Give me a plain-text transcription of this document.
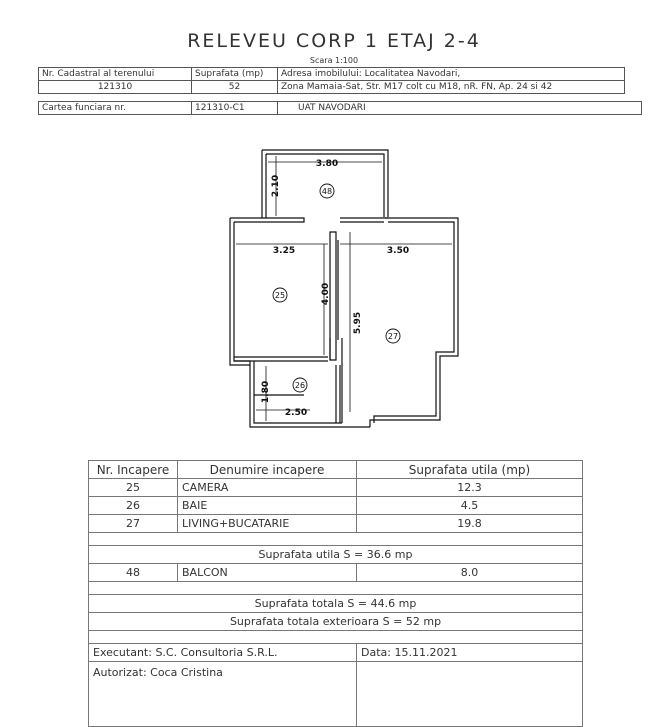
RELEVEU CORP 1 ETAJ 2-4
Scara 1:100
Nr. Cadastral al terenului	Suprafata (mp)	Adresa imobilului: Localitatea Navodari,
121310	52	Zona Mamaia-Sat, Str. M17 colt cu M18, nR. FN, Ap. 24 si 42
Cartea funciara nr.	121310-C1	UAT NAVODARI
3.80
2.10
3.25	3.50
4.00
5.95
1.80
2.50
48
25
27
26
Nr. Incapere	Denumire incapere	Suprafata utila (mp)
25	CAMERA	12.3
26	BAIE	4.5
27	LIVING+BUCATARIE	19.8

Suprafata utila S = 36.6 mp		
48	BALCON	8.0

Suprafata totala S = 44.6 mp		
Suprafata totala exterioara S = 52 mp		

Executant: S.C. Consultoria S.R.L.		Data: 15.11.2021
Autorizat: Coca Cristina		
